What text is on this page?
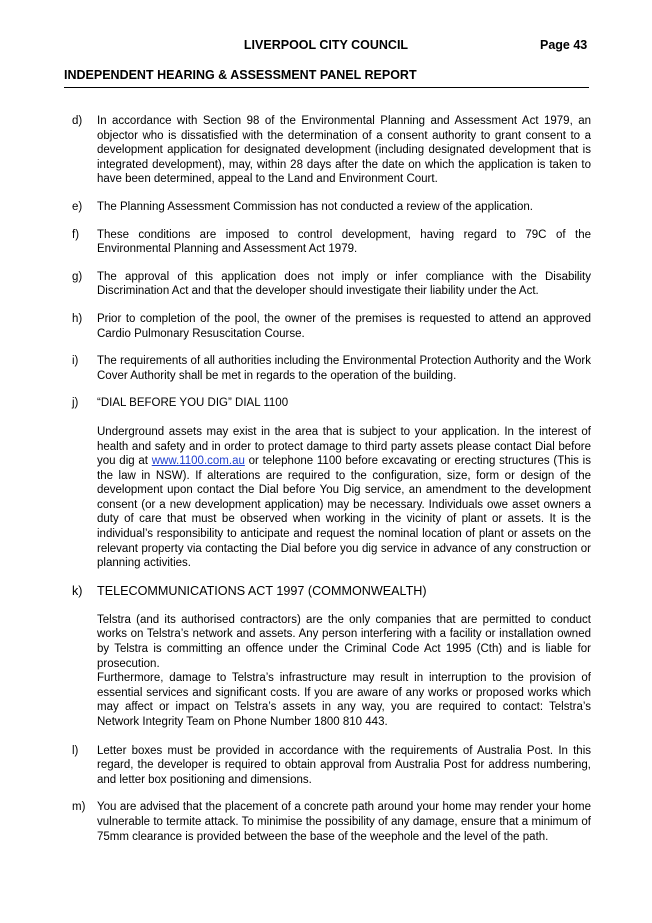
LIVERPOOL CITY COUNCIL	Page 43
INDEPENDENT HEARING & ASSESSMENT PANEL REPORT
d) In accordance with Section 98 of the Environmental Planning and Assessment Act 1979, an objector who is dissatisfied with the determination of a consent authority to grant consent to a development application for designated development (including designated development that is integrated development), may, within 28 days after the date on which the application is taken to have been determined, appeal to the Land and Environment Court.
e) The Planning Assessment Commission has not conducted a review of the application.
f) These conditions are imposed to control development, having regard to 79C of the Environmental Planning and Assessment Act 1979.
g) The approval of this application does not imply or infer compliance with the Disability Discrimination Act and that the developer should investigate their liability under the Act.
h) Prior to completion of the pool, the owner of the premises is requested to attend an approved Cardio Pulmonary Resuscitation Course.
i) The requirements of all authorities including the Environmental Protection Authority and the Work Cover Authority shall be met in regards to the operation of the building.
j) “DIAL BEFORE YOU DIG” DIAL 1100
Underground assets may exist in the area that is subject to your application. In the interest of health and safety and in order to protect damage to third party assets please contact Dial before you dig at www.1100.com.au or telephone 1100 before excavating or erecting structures (This is the law in NSW). If alterations are required to the configuration, size, form or design of the development upon contact the Dial before You Dig service, an amendment to the development consent (or a new development application) may be necessary. Individuals owe asset owners a duty of care that must be observed when working in the vicinity of plant or assets. It is the individual’s responsibility to anticipate and request the nominal location of plant or assets on the relevant property via contacting the Dial before you dig service in advance of any construction or planning activities.
k) TELECOMMUNICATIONS ACT 1997 (COMMONWEALTH)
Telstra (and its authorised contractors) are the only companies that are permitted to conduct works on Telstra’s network and assets. Any person interfering with a facility or installation owned by Telstra is committing an offence under the Criminal Code Act 1995 (Cth) and is liable for prosecution.
Furthermore, damage to Telstra’s infrastructure may result in interruption to the provision of essential services and significant costs. If you are aware of any works or proposed works which may affect or impact on Telstra’s assets in any way, you are required to contact: Telstra’s Network Integrity Team on Phone Number 1800 810 443.
l) Letter boxes must be provided in accordance with the requirements of Australia Post. In this regard, the developer is required to obtain approval from Australia Post for address numbering, and letter box positioning and dimensions.
m) You are advised that the placement of a concrete path around your home may render your home vulnerable to termite attack. To minimise the possibility of any damage, ensure that a minimum of 75mm clearance is provided between the base of the weephole and the level of the path.
